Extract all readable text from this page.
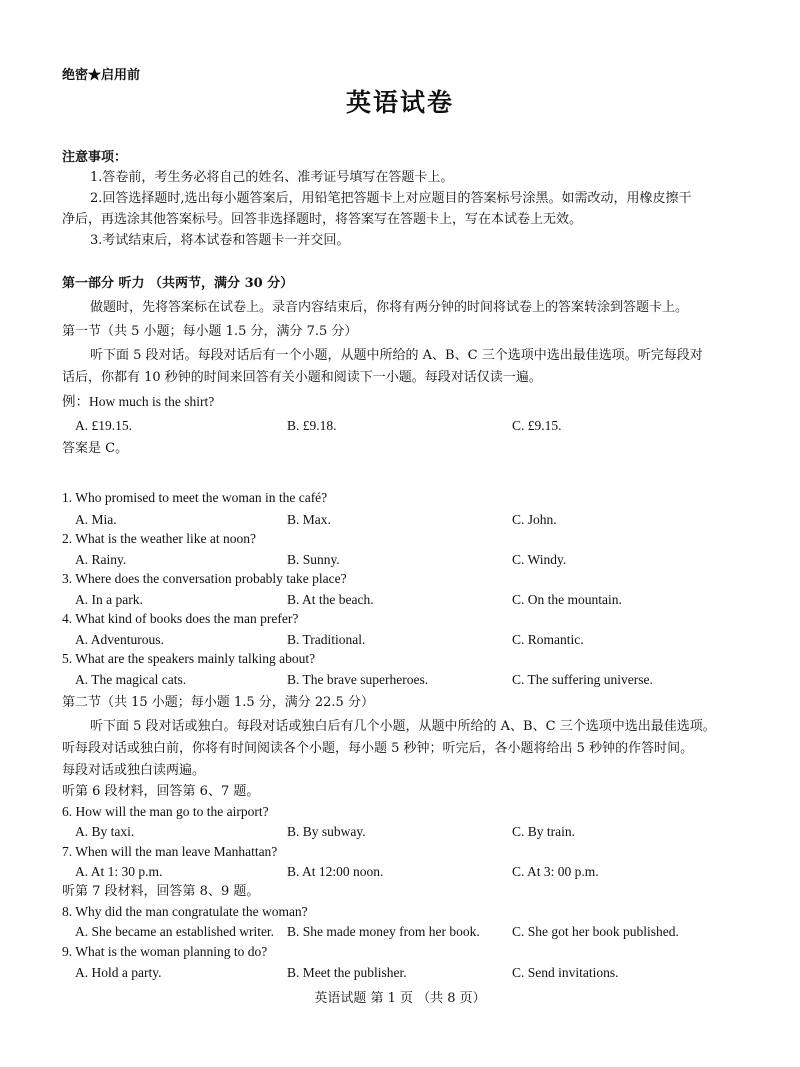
绝密★启用前
英语试卷
注意事项：
1.答卷前，考生务必将自己的姓名、准考证号填写在答题卡上。
2.回答选择题时,选出每小题答案后，用铅笔把答题卡上对应题目的答案标号涂黑。如需改动，用橡皮擦干
净后，再选涂其他答案标号。回答非选择题时，将答案写在答题卡上，写在本试卷上无效。
3.考试结束后，将本试卷和答题卡一并交回。
第一部分 听力 （共两节，满分 30 分）
做题时，先将答案标在试卷上。录音内容结束后，你将有两分钟的时间将试卷上的答案转涂到答题卡上。
第一节（共 5 小题；每小题 1.5 分，满分 7.5 分）
听下面 5 段对话。每段对话后有一个小题，从题中所给的 A、B、C 三个选项中选出最佳选项。听完每段对
话后，你都有 10 秒钟的时间来回答有关小题和阅读下一小题。每段对话仅读一遍。
例：How much is the shirt?
A. £19.15.	B. £9.18.	C. £9.15.
答案是 C。
1. Who promised to meet the woman in the café?
A. Mia.	B. Max.	C. John.
2. What is the weather like at noon?
A. Rainy.	B. Sunny.	C. Windy.
3. Where does the conversation probably take place?
A. In a park.	B. At the beach.	C. On the mountain.
4. What kind of books does the man prefer?
A. Adventurous.	B. Traditional.	C. Romantic.
5. What are the speakers mainly talking about?
A. The magical cats.	B. The brave superheroes.	C. The suffering universe.
第二节（共 15 小题；每小题 1.5 分，满分 22.5 分）
听下面 5 段对话或独白。每段对话或独白后有几个小题，从题中所给的 A、B、C 三个选项中选出最佳选项。
听每段对话或独白前，你将有时间阅读各个小题，每小题 5 秒钟；听完后，各小题将给出 5 秒钟的作答时间。
每段对话或独白读两遍。
听第 6 段材料，回答第 6、7 题。
6. How will the man go to the airport?
A. By taxi.	B. By subway.	C. By train.
7. When will the man leave Manhattan?
A. At 1: 30 p.m.	B. At 12:00 noon.	C. At 3: 00 p.m.
听第 7 段材料，回答第 8、9 题。
8. Why did the man congratulate the woman?
A. She became an established writer. B. She made money from her book. C. She got her book published.
9. What is the woman planning to do?
A. Hold a party.	B. Meet the publisher.	C. Send invitations.
英语试题 第 1 页 （共 8 页）
